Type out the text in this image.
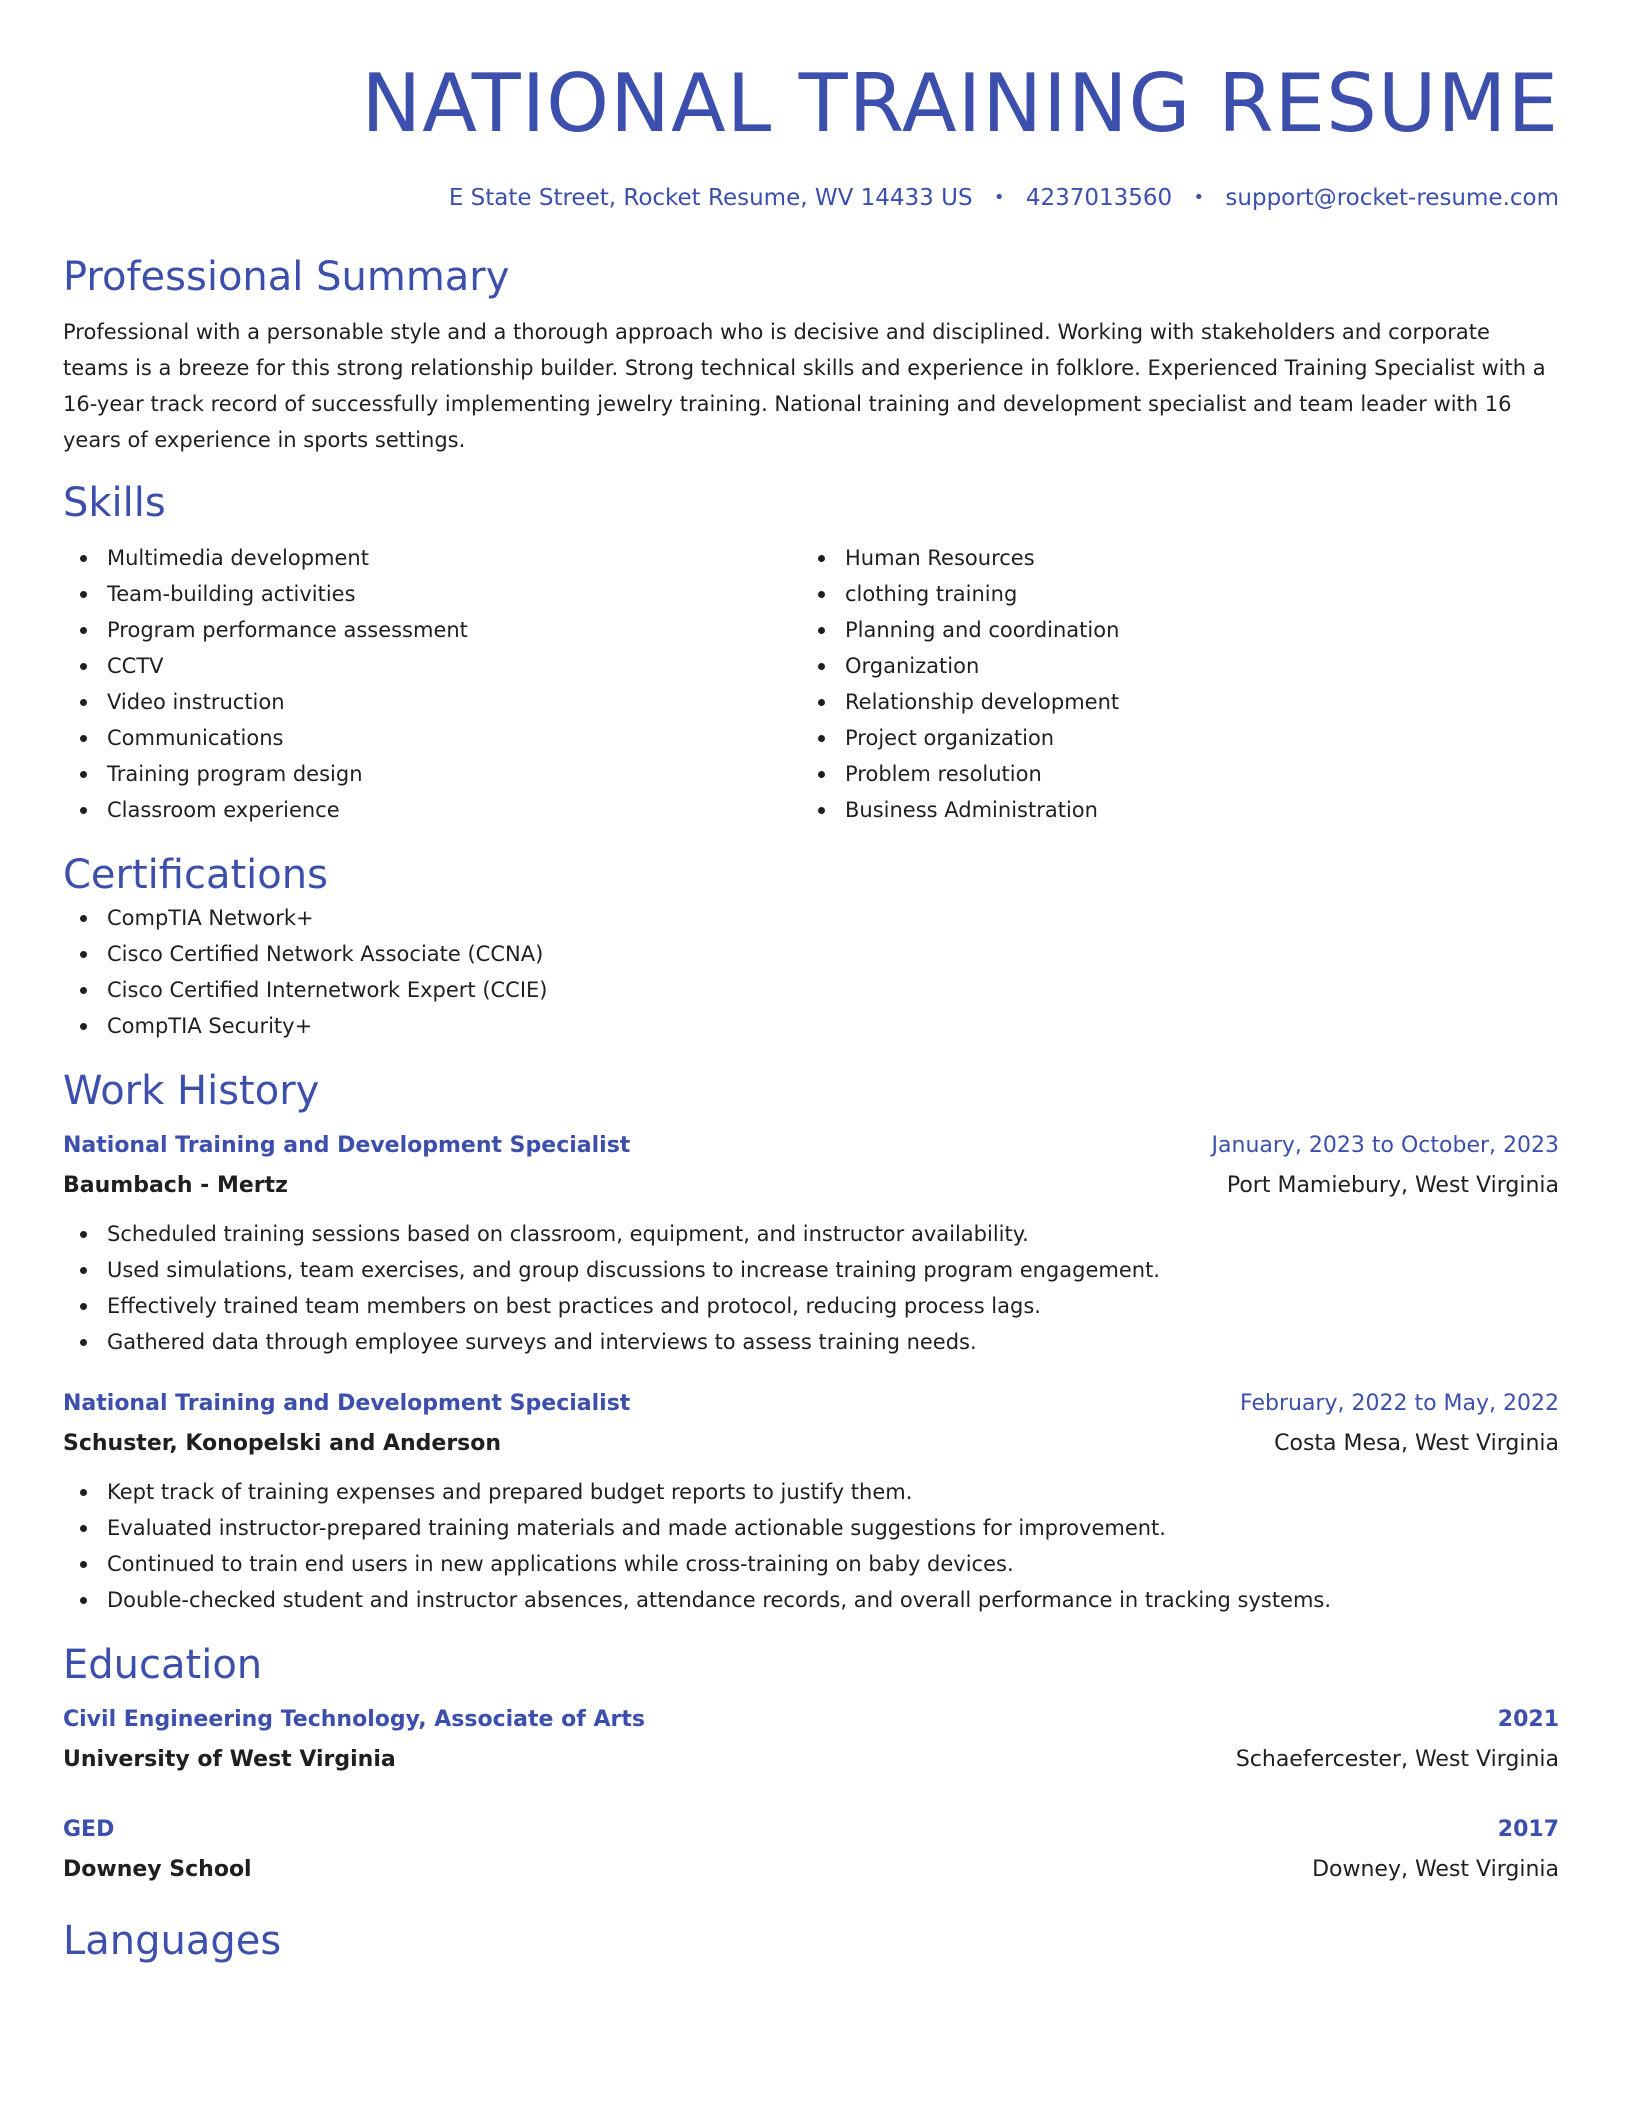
NATIONAL TRAINING RESUME
E State Street, Rocket Resume, WV 14433 US • 4237013560 • support@rocket-resume.com
Professional Summary
Professional with a personable style and a thorough approach who is decisive and disciplined. Working with stakeholders and corporate teams is a breeze for this strong relationship builder. Strong technical skills and experience in folklore. Experienced Training Specialist with a 16-year track record of successfully implementing jewelry training. National training and development specialist and team leader with 16 years of experience in sports settings.
Skills
Multimedia development
Team-building activities
Program performance assessment
CCTV
Video instruction
Communications
Training program design
Classroom experience
Human Resources
clothing training
Planning and coordination
Organization
Relationship development
Project organization
Problem resolution
Business Administration
Certifications
CompTIA Network+
Cisco Certified Network Associate (CCNA)
Cisco Certified Internetwork Expert (CCIE)
CompTIA Security+
Work History
National Training and Development Specialist	January, 2023 to October, 2023
Baumbach - Mertz	Port Mamiebury, West Virginia
Scheduled training sessions based on classroom, equipment, and instructor availability.
Used simulations, team exercises, and group discussions to increase training program engagement.
Effectively trained team members on best practices and protocol, reducing process lags.
Gathered data through employee surveys and interviews to assess training needs.
National Training and Development Specialist	February, 2022 to May, 2022
Schuster, Konopelski and Anderson	Costa Mesa, West Virginia
Kept track of training expenses and prepared budget reports to justify them.
Evaluated instructor-prepared training materials and made actionable suggestions for improvement.
Continued to train end users in new applications while cross-training on baby devices.
Double-checked student and instructor absences, attendance records, and overall performance in tracking systems.
Education
Civil Engineering Technology, Associate of Arts	2021
University of West Virginia	Schaefercester, West Virginia
GED	2017
Downey School	Downey, West Virginia
Languages
